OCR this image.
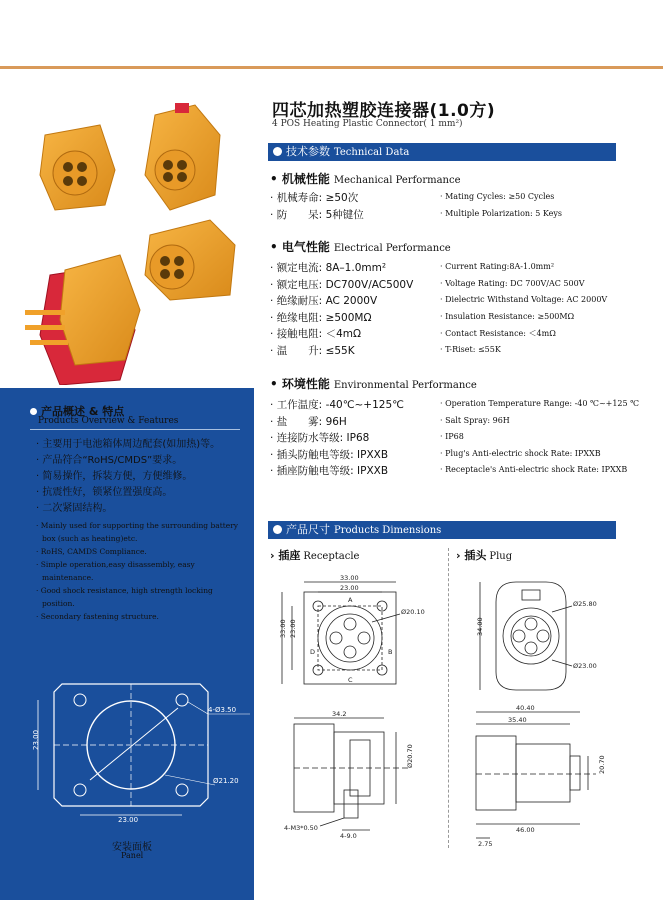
四芯加热塑胶连接器(1.0方)
4 POS Heating Plastic Connector( 1 mm²)
技术参数 Technical Data
• 机械性能 Mechanical Performance
· 机械寿命: ≥50次	· Mating Cycles: ≥50 Cycles
· 防　　呆: 5种键位	· Multiple Polarization: 5 Keys
• 电气性能 Electrical Performance
· 额定电流: 8A–1.0mm²	· Current Rating:8A-1.0mm²
· 额定电压: DC700V/AC500V	· Voltage Rating: DC 700V/AC 500V
· 绝缘耐压: AC 2000V	· Dielectric Withstand Voltage: AC 2000V
· 绝缘电阻: ≥500MΩ	· Insulation Resistance: ≥500MΩ
· 接触电阻: ＜4mΩ	· Contact Resistance: ＜4mΩ
· 温　　升: ≤55K	· T-Riset: ≤55K
• 环境性能 Environmental Performance
· 工作温度: -40℃~+125℃	· Operation Temperature Range: -40 ℃~+125 ℃
· 盐　　雾: 96H	· Salt Spray: 96H
· 连接防水等级: IP68	· IP68
· 插头防触电等级: IPXXB	· Plug's Anti-electric shock Rate: IPXXB
· 插座防触电等级: IPXXB	· Receptacle's Anti-electric shock Rate: IPXXB
产品概述 & 特点
Products Overview & Features
· 主要用于电池箱体周边配套(如加热)等。
· 产品符合“RoHS/CMDS”要求。
· 简易操作，拆装方便，方便维修。
· 抗震性好，锁紧位置强度高。
· 二次紧固结构。
· Mainly used for supporting the surrounding battery box (such as heating)etc.
· RoHS, CAMDS Compliance.
· Simple operation,easy disassembly, easy maintenance.
· Good shock resistance, high strength locking position.
· Secondary fastening structure.
4-Ø3.50
Ø21.20
23.00
23.00
安装面板
Panel
产品尺寸 Products Dimensions
› 插座 Receptacle	› 插头 Plug
33.00
23.00
Ø20.10
33.00 23.00
A
B
C
D
34.2
Ø20.70
4-M3*0.50
4-9.0
Ø25.80
Ø23.00
34.00
40.40
35.40
20.70
46.00
2.75
